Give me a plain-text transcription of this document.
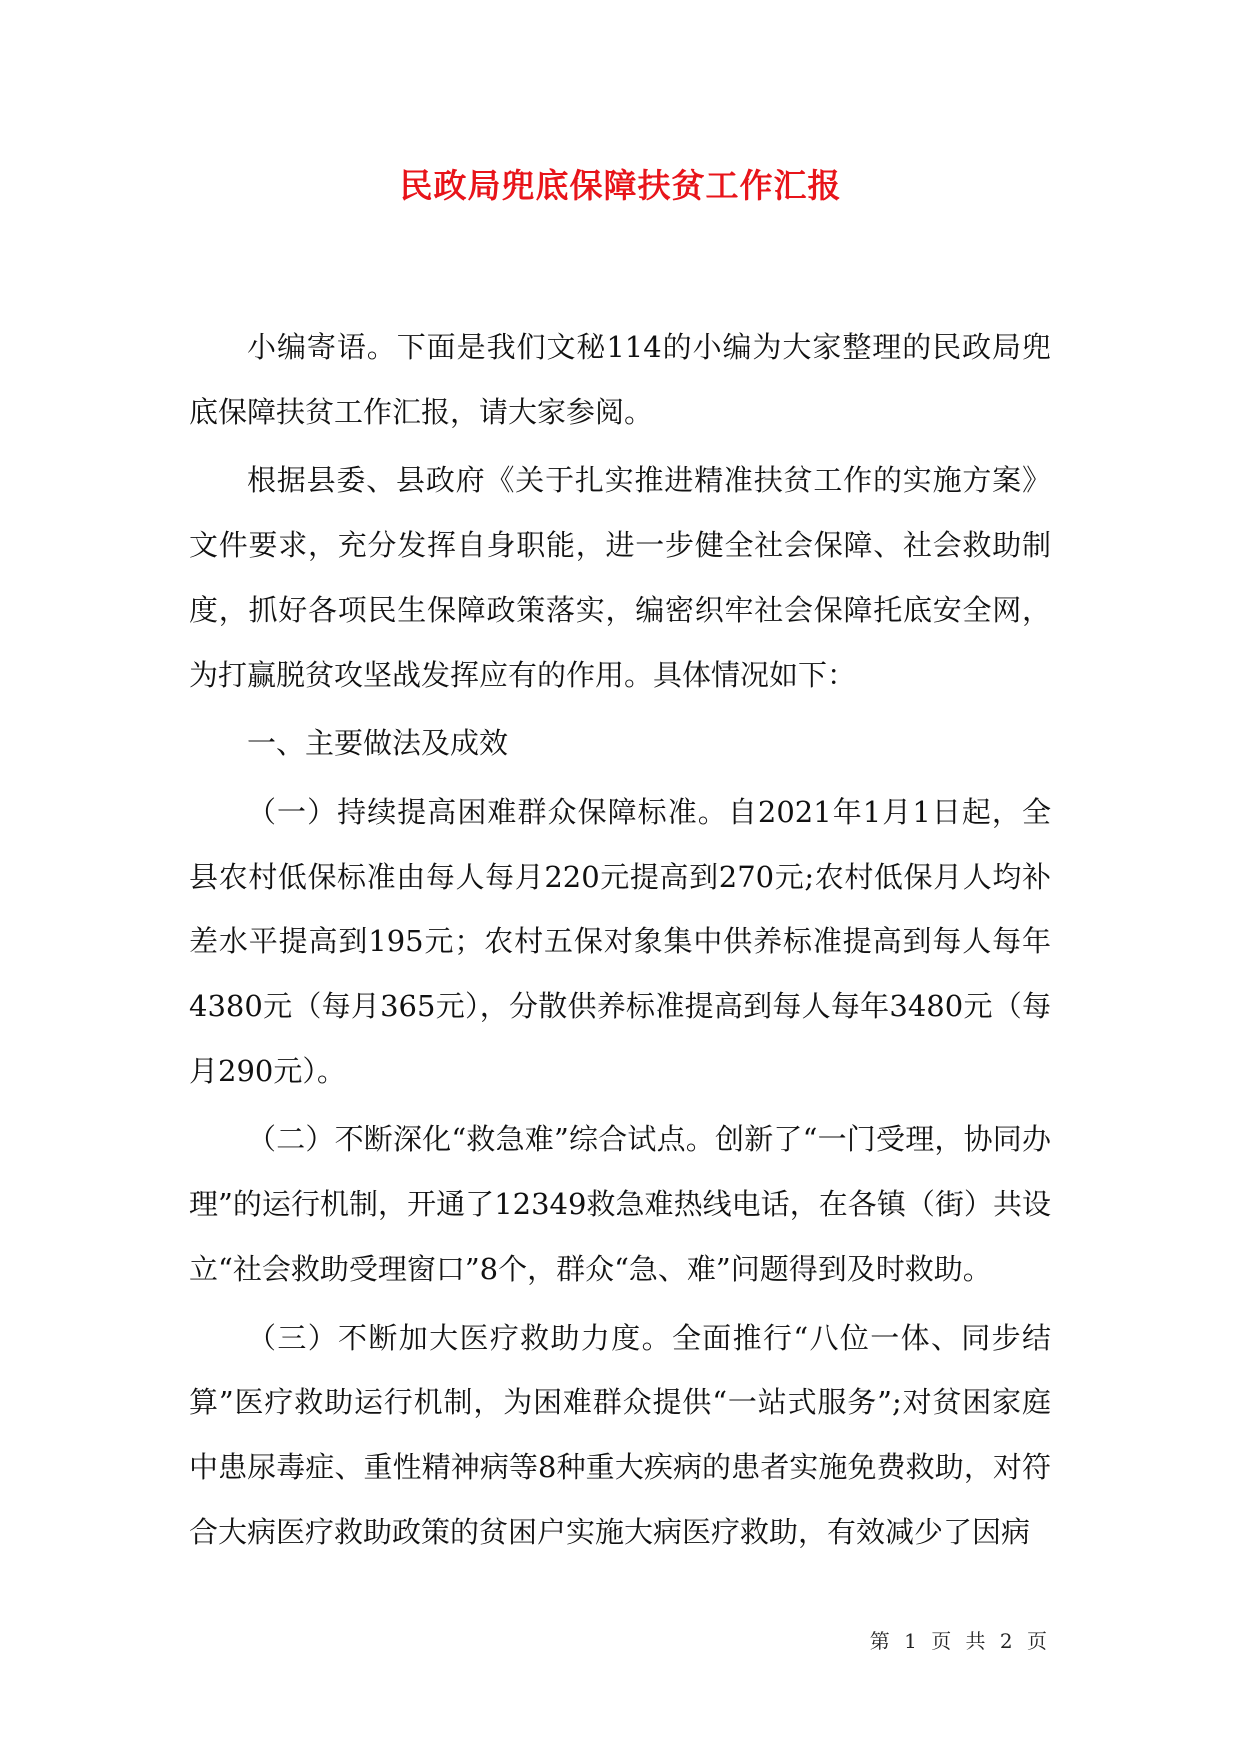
民政局兜底保障扶贫工作汇报

小编寄语。下面是我们文秘114的小编为大家整理的民政局兜底保障扶贫工作汇报，请大家参阅。

根据县委、县政府《关于扎实推进精准扶贫工作的实施方案》文件要求，充分发挥自身职能，进一步健全社会保障、社会救助制度，抓好各项民生保障政策落实，编密织牢社会保障托底安全网，为打赢脱贫攻坚战发挥应有的作用。具体情况如下：

一、主要做法及成效

（一）持续提高困难群众保障标准。自2021年1月1日起，全县农村低保标准由每人每月220元提高到270元;农村低保月人均补差水平提高到195元；农村五保对象集中供养标准提高到每人每年4380元（每月365元），分散供养标准提高到每人每年3480元（每月290元）。

（二）不断深化“救急难”综合试点。创新了“一门受理，协同办理”的运行机制，开通了12349救急难热线电话，在各镇（街）共设立“社会救助受理窗口”8个，群众“急、难”问题得到及时救助。

（三）不断加大医疗救助力度。全面推行“八位一体、同步结算”医疗救助运行机制，为困难群众提供“一站式服务”;对贫困家庭中患尿毒症、重性精神病等8种重大疾病的患者实施免费救助，对符合大病医疗救助政策的贫困户实施大病医疗救助，有效减少了因病

第 1 页 共 2 页
